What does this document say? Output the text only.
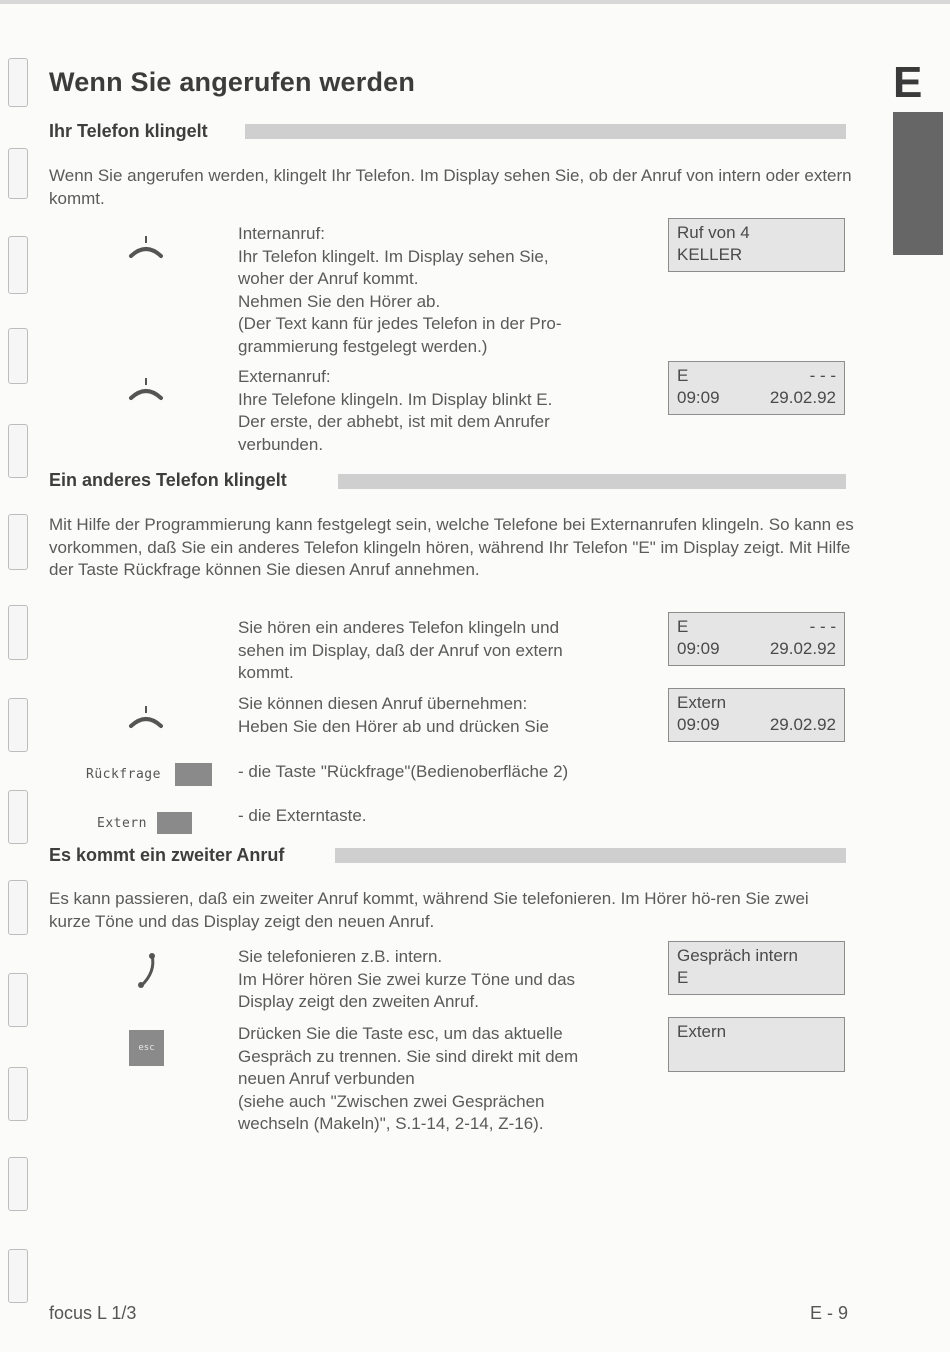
Wenn Sie angerufen werden	E
Ihr Telefon klingelt
Wenn Sie angerufen werden, klingelt Ihr Telefon. Im Display sehen Sie, ob der Anruf von intern oder extern kommt.
Internanruf:
Ihr Telefon klingelt. Im Display sehen Sie,
woher der Anruf kommt.
Nehmen Sie den Hörer ab.
(Der Text kann für jedes Telefon in der Pro-
grammierung festgelegt werden.)
Ruf von 4
KELLER
Externanruf:
Ihre Telefone klingeln. Im Display blinkt E.
Der erste, der abhebt, ist mit dem Anrufer
verbunden.
E	- - -
09:09	29.02.92
Ein anderes Telefon klingelt
Mit Hilfe der Programmierung kann festgelegt sein, welche Telefone bei Externanrufen klingeln. So kann es vorkommen, daß Sie ein anderes Telefon klingeln hören, während Ihr Telefon "E" im Display zeigt. Mit Hilfe der Taste Rückfrage können Sie diesen Anruf annehmen.
Sie hören ein anderes Telefon klingeln und
sehen im Display, daß der Anruf von extern
kommt.
E	- - -
09:09	29.02.92
Sie können diesen Anruf übernehmen:
Heben Sie den Hörer ab und drücken Sie
Extern
09:09	29.02.92
Rückfrage	- die Taste "Rückfrage"(Bedienoberfläche 2)
Extern	- die Externtaste.
Es kommt ein zweiter Anruf
Es kann passieren, daß ein zweiter Anruf kommt, während Sie telefonieren. Im Hörer hö-ren Sie zwei kurze Töne und das Display zeigt den neuen Anruf.
Sie telefonieren z.B. intern.
Im Hörer hören Sie zwei kurze Töne und das
Display zeigt den zweiten Anruf.
Gespräch intern
E
esc
Drücken Sie die Taste esc, um das aktuelle
Gespräch zu trennen. Sie sind direkt mit dem
neuen Anruf verbunden
(siehe auch "Zwischen zwei Gesprächen
wechseln (Makeln)", S.1-14, 2-14, Z-16).
Extern
focus L 1/3	E - 9
